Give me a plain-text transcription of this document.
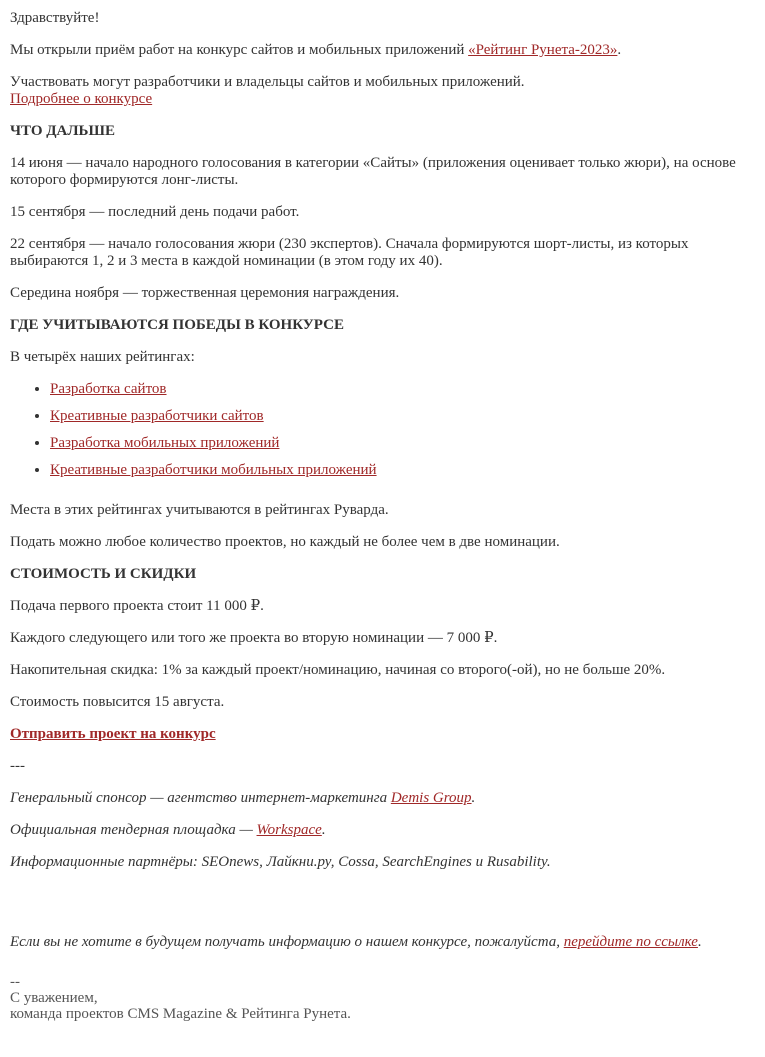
Здравствуйте!

Мы открыли приём работ на конкурс сайтов и мобильных приложений «Рейтинг Рунета-2023».

Участвовать могут разработчики и владельцы сайтов и мобильных приложений.
Подробнее о конкурсе

ЧТО ДАЛЬШЕ

14 июня — начало народного голосования в категории «Сайты» (приложения оценивает только жюри), на основе которого формируются лонг-листы.

15 сентября — последний день подачи работ.

22 сентября — начало голосования жюри (230 экспертов). Сначала формируются шорт-листы, из которых выбираются 1, 2 и 3 места в каждой номинации (в этом году их 40).

Середина ноября — торжественная церемония награждения.

ГДЕ УЧИТЫВАЮТСЯ ПОБЕДЫ В КОНКУРСЕ

В четырёх наших рейтингах:

• Разработка сайтов
• Креативные разработчики сайтов
• Разработка мобильных приложений
• Креативные разработчики мобильных приложений

Места в этих рейтингах учитываются в рейтингах Руварда.

Подать можно любое количество проектов, но каждый не более чем в две номинации.

СТОИМОСТЬ И СКИДКИ

Подача первого проекта стоит 11 000 ₽.

Каждого следующего или того же проекта во вторую номинации — 7 000 ₽.

Накопительная скидка: 1% за каждый проект/номинацию, начиная со второго(-ой), но не больше 20%.

Стоимость повысится 15 августа.

Отправить проект на конкурс

---

Генеральный спонсор — агентство интернет-маркетинга Demis Group.

Официальная тендерная площадка — Workspace.

Информационные партнёры: SEOnews, Лайкни.ру, Cossa, SearchEngines и Rusability.

Если вы не хотите в будущем получать информацию о нашем конкурсе, пожалуйста, перейдите по ссылке.

--
С уважением,
команда проектов CMS Magazine & Рейтинга Рунета.
